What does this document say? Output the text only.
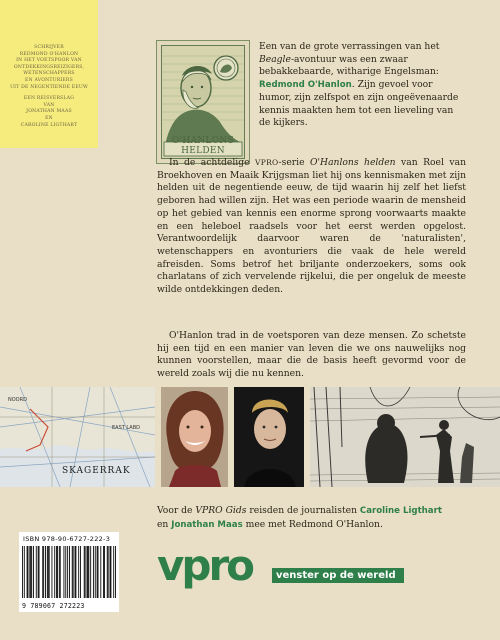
SCHRIJVER
REDMOND O'HANLON
IN HET VOETSPOOR VAN
ONTDEKKINGSREIZIGERS,
WETENSCHAPPERS
EN AVONTURIERS
UIT DE NEGENTIENDE EEUW
EEN REISVERSLAG
VAN
JONATHAN MAAS
EN
CAROLINE LIGTHART
O'HANLONS HELDEN
Een van de grote verrassingen van het Beagle-avontuur was een zwaar bebakkebaarde, witharige Engelsman: Redmond O'Hanlon. Zijn gevoel voor humor, zijn zelfspot en zijn ongeëvenaarde kennis maakten hem tot een lieveling van de kijkers.
In de achtdelige VPRO-serie O'Hanlons helden van Roel van Broekhoven en Maaik Krijgsman liet hij ons kennismaken met zijn helden uit de negentiende eeuw, de tijd waarin hij zelf het liefst geboren had willen zijn. Het was een periode waarin de mensheid op het gebied van kennis een enorme sprong voorwaarts maakte en een heleboel raadsels voor het eerst werden opgelost. Verantwoordelijk daarvoor waren de 'naturalisten', wetenschappers en avonturiers die vaak de hele wereld afreisden. Soms betrof het briljante onderzoekers, soms ook charlatans of zich vervelende rijkelui, die per ongeluk de meeste wilde ontdekkingen deden.
O'Hanlon trad in de voetsporen van deze mensen. Zo schetste hij een tijd en een manier van leven die we ons nauwelijks nog kunnen voorstellen, maar die de basis heeft gevormd voor de wereld zoals wij die nu kennen.
EAST LABD
SKAGERRAK
NOORD
Voor de VPRO Gids reisden de journalisten Caroline Ligthart
en Jonathan Maas mee met Redmond O'Hanlon.
ISBN 978-90-6727-222-3
9 789067 272223
vpro	venster op de wereld
